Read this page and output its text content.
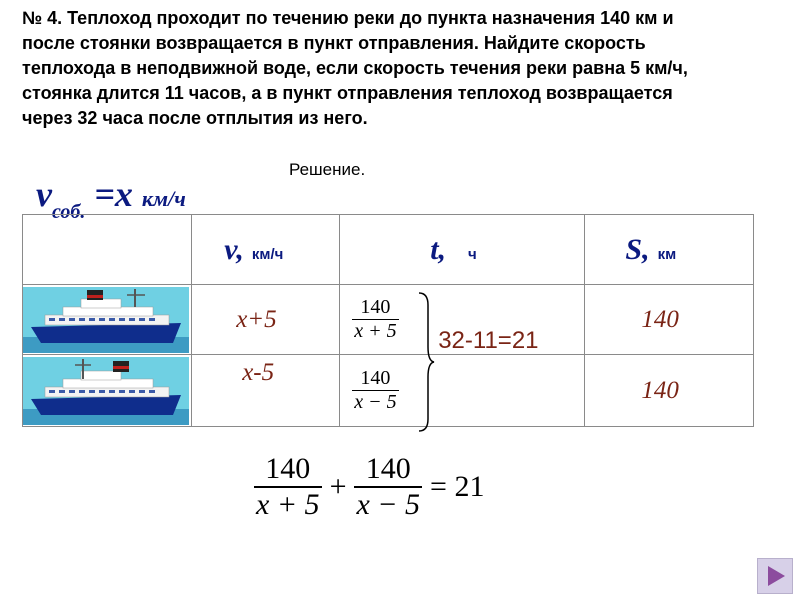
№ 4. Теплоход проходит по течению реки до пункта назначения 140 км и

после стоянки возвращается в пункт отправления. Найдите скорость

теплохода в неподвижной воде, если скорость течения реки равна 5 км/ч,

стоянка длится 11 часов, а в пункт отправления теплоход возвращается

через 32 часа после отплытия из него.

Решение.
$v_{соб.} =x$ км/ч
	v, км/ч	t, ч	S, км

	x+5	$\frac{140}{x + 5} 32-11=21$	140

	x-5	$\frac{140}{x - 5}$	140
$\frac{140}{x + 5} + \frac{140}{x - 5} = 21$
